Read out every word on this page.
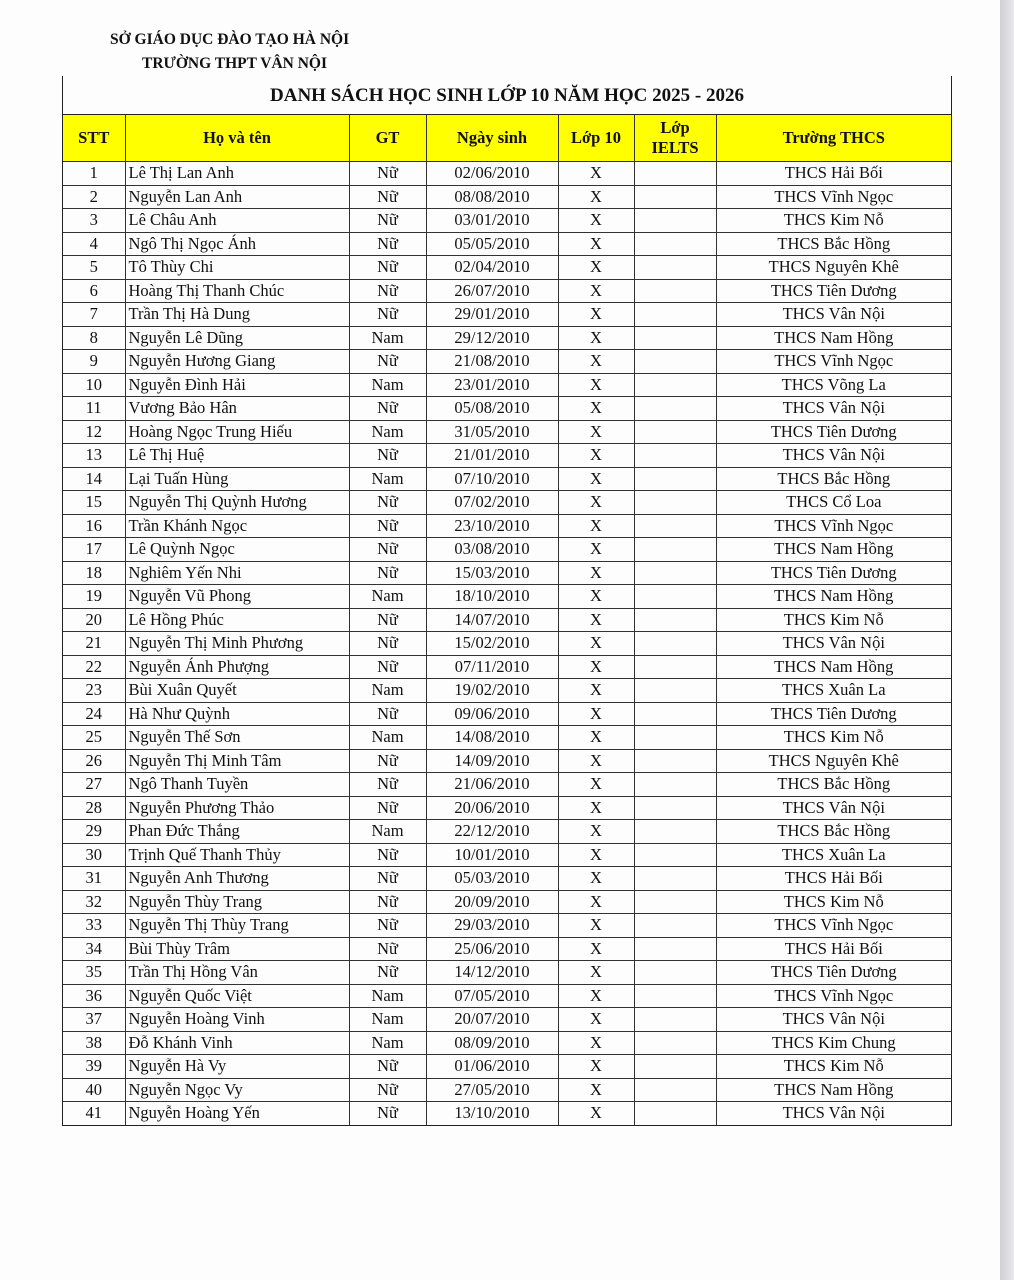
SỞ GIÁO DỤC ĐÀO TẠO HÀ NỘI
TRƯỜNG THPT VÂN NỘI
DANH SÁCH HỌC SINH LỚP 10 NĂM HỌC 2025 - 2026
STT	Họ và tên	GT	Ngày sinh	Lớp 10	Lớp IELTS	Trường THCS
1	Lê Thị Lan Anh	Nữ	02/06/2010	X		THCS Hải Bối
2	Nguyễn Lan Anh	Nữ	08/08/2010	X		THCS Vĩnh Ngọc
3	Lê Châu Anh	Nữ	03/01/2010	X		THCS Kim Nỗ
4	Ngô Thị Ngọc Ánh	Nữ	05/05/2010	X		THCS Bắc Hồng
5	Tô Thùy Chi	Nữ	02/04/2010	X		THCS Nguyên Khê
6	Hoàng Thị Thanh Chúc	Nữ	26/07/2010	X		THCS Tiên Dương
7	Trần Thị Hà Dung	Nữ	29/01/2010	X		THCS Vân Nội
8	Nguyễn Lê Dũng	Nam	29/12/2010	X		THCS Nam Hồng
9	Nguyễn Hương Giang	Nữ	21/08/2010	X		THCS Vĩnh Ngọc
10	Nguyễn Đình Hải	Nam	23/01/2010	X		THCS Võng La
11	Vương Bảo Hân	Nữ	05/08/2010	X		THCS Vân Nội
12	Hoàng Ngọc Trung Hiếu	Nam	31/05/2010	X		THCS Tiên Dương
13	Lê Thị Huệ	Nữ	21/01/2010	X		THCS Vân Nội
14	Lại Tuấn Hùng	Nam	07/10/2010	X		THCS Bắc Hồng
15	Nguyễn Thị Quỳnh Hương	Nữ	07/02/2010	X		THCS Cổ Loa
16	Trần Khánh Ngọc	Nữ	23/10/2010	X		THCS Vĩnh Ngọc
17	Lê Quỳnh Ngọc	Nữ	03/08/2010	X		THCS Nam Hồng
18	Nghiêm Yến Nhi	Nữ	15/03/2010	X		THCS Tiên Dương
19	Nguyễn Vũ Phong	Nam	18/10/2010	X		THCS Nam Hồng
20	Lê Hồng Phúc	Nữ	14/07/2010	X		THCS Kim Nỗ
21	Nguyễn Thị Minh Phương	Nữ	15/02/2010	X		THCS Vân Nội
22	Nguyễn Ánh Phượng	Nữ	07/11/2010	X		THCS Nam Hồng
23	Bùi Xuân Quyết	Nam	19/02/2010	X		THCS Xuân La
24	Hà Như Quỳnh	Nữ	09/06/2010	X		THCS Tiên Dương
25	Nguyễn Thế Sơn	Nam	14/08/2010	X		THCS Kim Nỗ
26	Nguyễn Thị Minh Tâm	Nữ	14/09/2010	X		THCS Nguyên Khê
27	Ngô Thanh Tuyền	Nữ	21/06/2010	X		THCS Bắc Hồng
28	Nguyễn Phương Thảo	Nữ	20/06/2010	X		THCS Vân Nội
29	Phan Đức Thắng	Nam	22/12/2010	X		THCS Bắc Hồng
30	Trịnh Quế Thanh Thủy	Nữ	10/01/2010	X		THCS Xuân La
31	Nguyễn Anh Thương	Nữ	05/03/2010	X		THCS Hải Bối
32	Nguyễn Thùy Trang	Nữ	20/09/2010	X		THCS Kim Nỗ
33	Nguyễn Thị Thùy Trang	Nữ	29/03/2010	X		THCS Vĩnh Ngọc
34	Bùi Thùy Trâm	Nữ	25/06/2010	X		THCS Hải Bối
35	Trần Thị Hồng Vân	Nữ	14/12/2010	X		THCS Tiên Dương
36	Nguyễn Quốc Việt	Nam	07/05/2010	X		THCS Vĩnh Ngọc
37	Nguyễn Hoàng Vinh	Nam	20/07/2010	X		THCS Vân Nội
38	Đỗ Khánh Vinh	Nam	08/09/2010	X		THCS Kim Chung
39	Nguyễn Hà Vy	Nữ	01/06/2010	X		THCS Kim Nỗ
40	Nguyễn Ngọc Vy	Nữ	27/05/2010	X		THCS Nam Hồng
41	Nguyễn Hoàng Yến	Nữ	13/10/2010	X		THCS Vân Nội
